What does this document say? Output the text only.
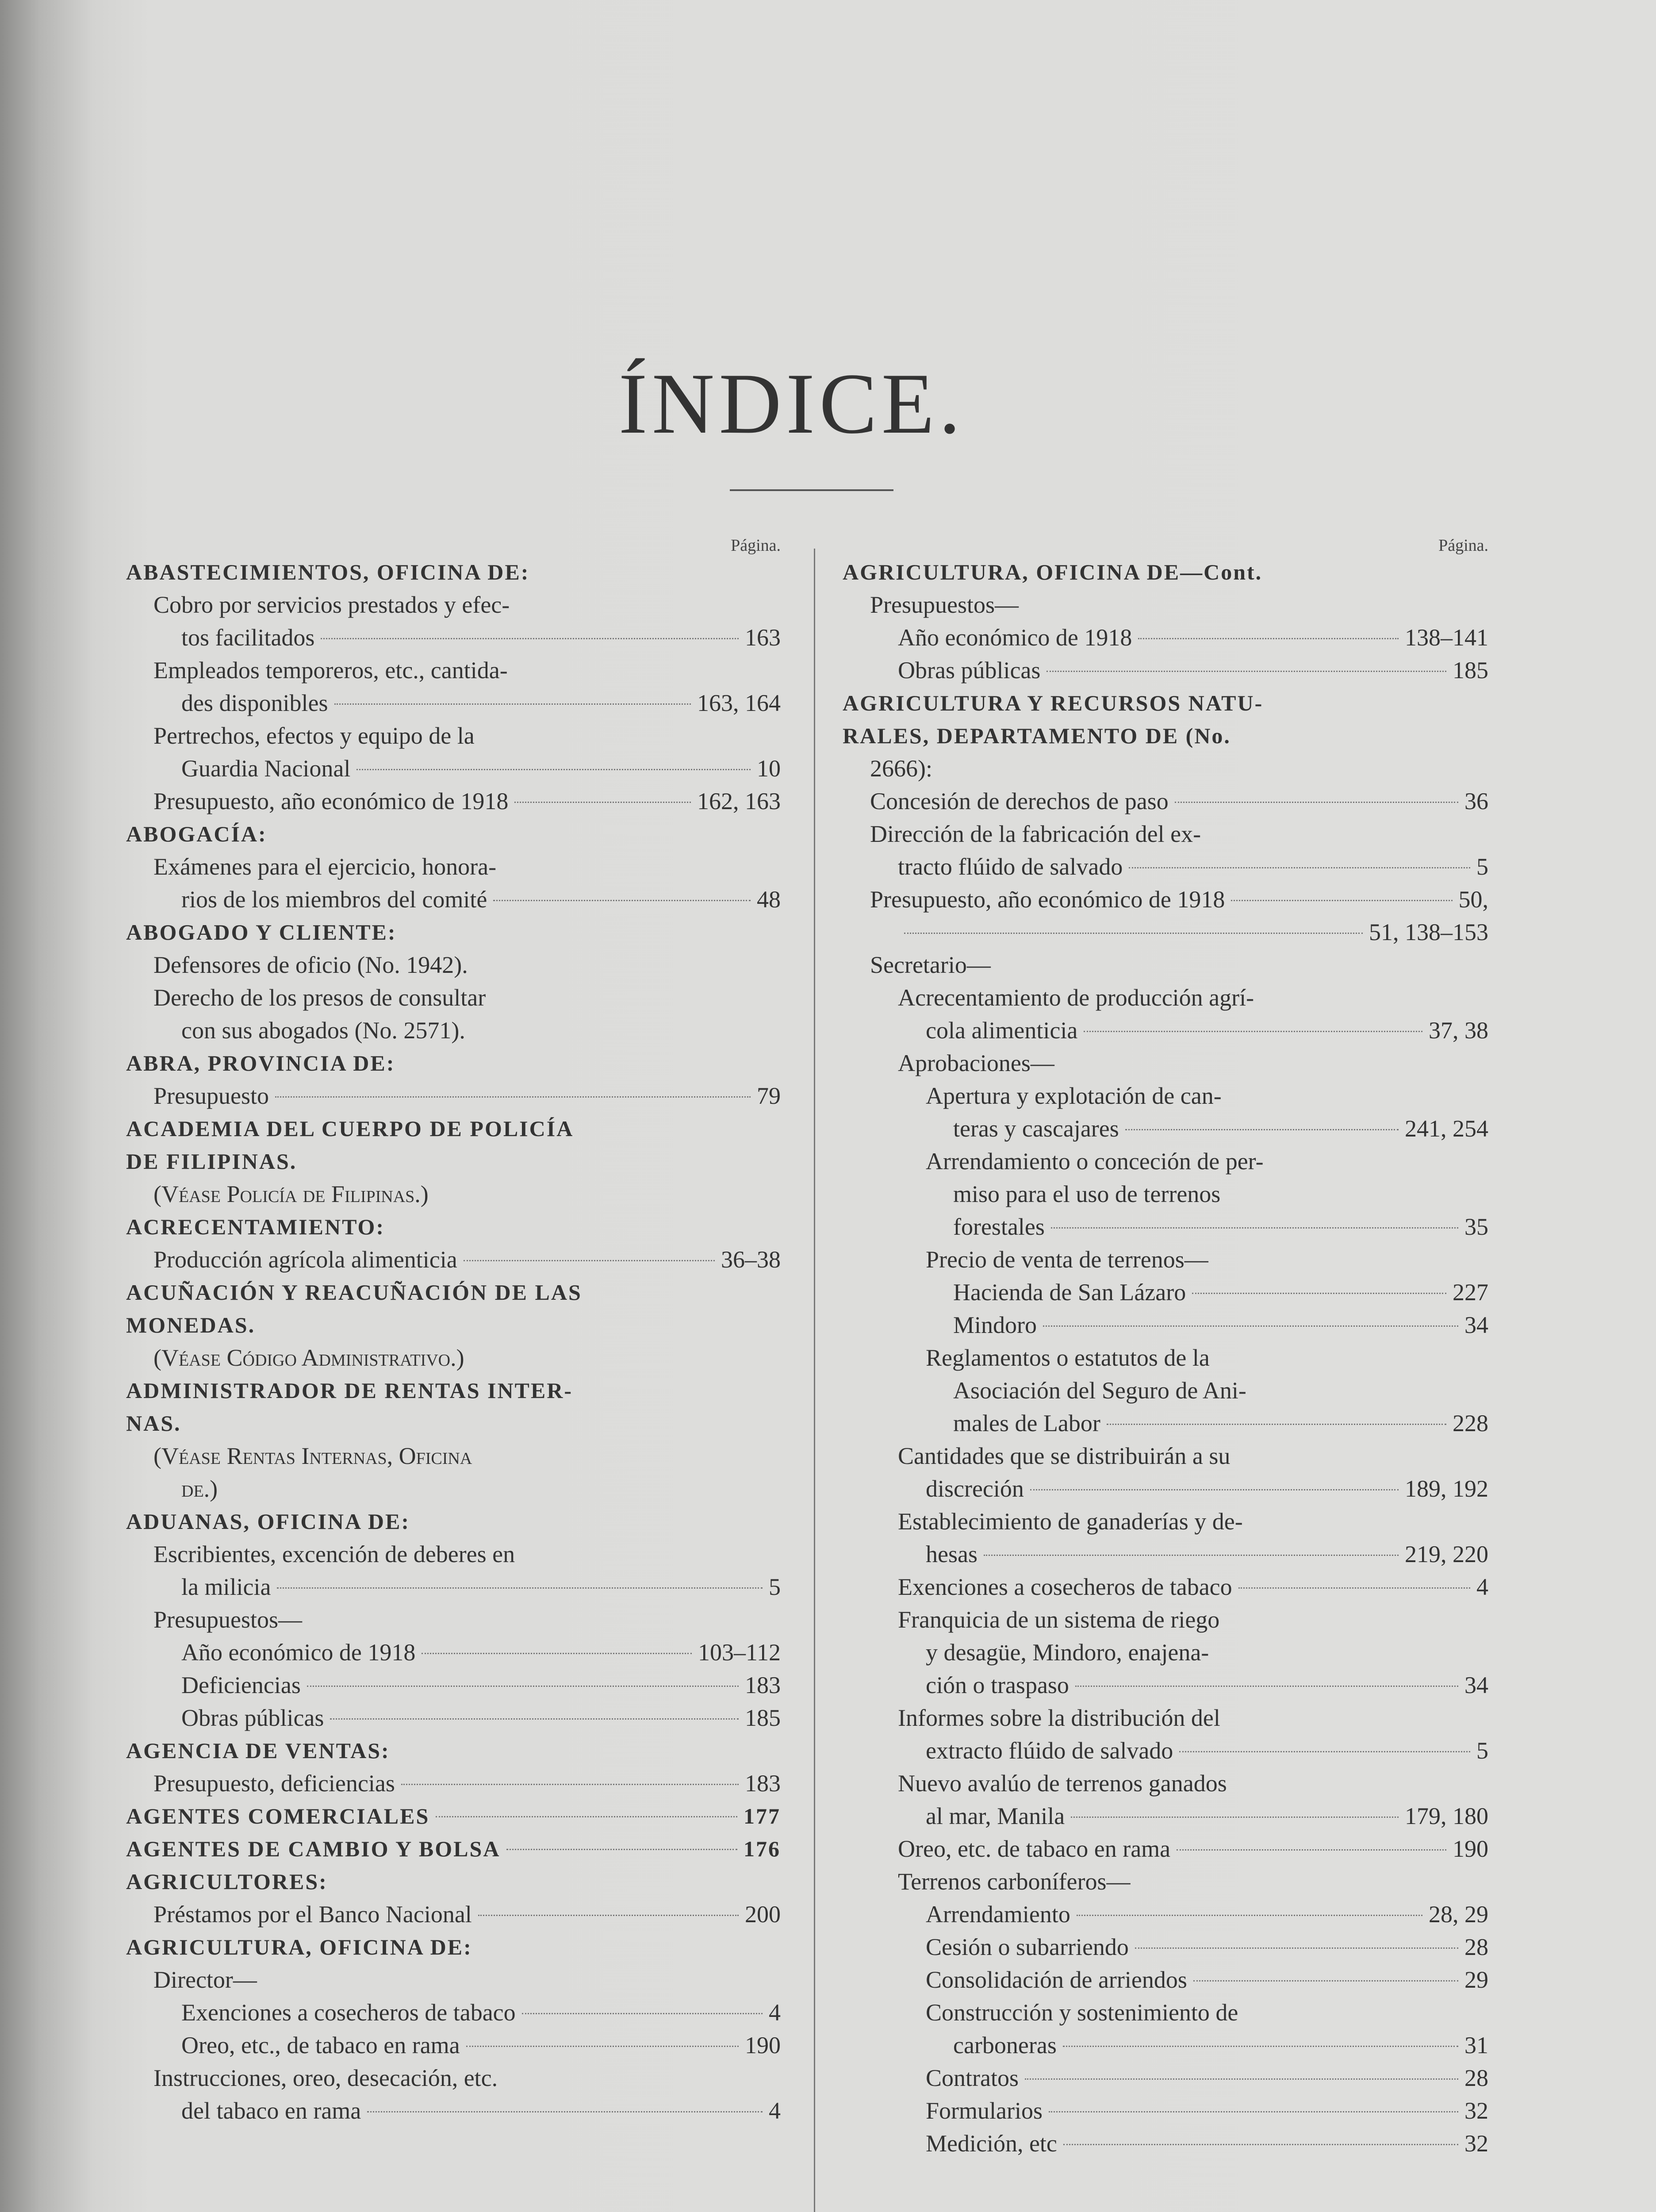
ÍNDICE.
Página.
ABASTECIMIENTOS, OFICINA DE:
Cobro por servicios prestados y efec-
tos facilitados	163
Empleados temporeros, etc., cantida-
des disponibles	163, 164
Pertrechos, efectos y equipo de la
Guardia Nacional	10
Presupuesto, año económico de 1918	162, 163
ABOGACÍA:
Exámenes para el ejercicio, honora-
rios de los miembros del comité	48
ABOGADO Y CLIENTE:
Defensores de oficio (No. 1942).
Derecho de los presos de consultar
con sus abogados (No. 2571).
ABRA, PROVINCIA DE:
Presupuesto	79
ACADEMIA DEL CUERPO DE POLICÍA
DE FILIPINAS.
(Véase Policía de Filipinas.)
ACRECENTAMIENTO:
Producción agrícola alimenticia	36–38
ACUÑACIÓN Y REACUÑACIÓN DE LAS
MONEDAS.
(Véase Código Administrativo.)
ADMINISTRADOR DE RENTAS INTER-
NAS.
(Véase Rentas Internas, Oficina
de.)
ADUANAS, OFICINA DE:
Escribientes, excención de deberes en
la milicia	5
Presupuestos—
Año económico de 1918	103–112
Deficiencias	183
Obras públicas	185
AGENCIA DE VENTAS:
Presupuesto, deficiencias	183
AGENTES COMERCIALES	177
AGENTES DE CAMBIO Y BOLSA	176
AGRICULTORES:
Préstamos por el Banco Nacional	200
AGRICULTURA, OFICINA DE:
Director—
Exenciones a cosecheros de tabaco	4
Oreo, etc., de tabaco en rama	190
Instrucciones, oreo, desecación, etc.
del tabaco en rama	4
Página.
AGRICULTURA, OFICINA DE—Cont.
Presupuestos—
Año económico de 1918	138–141
Obras públicas	185
AGRICULTURA Y RECURSOS NATU-
RALES, DEPARTAMENTO DE (No.
2666):
Concesión de derechos de paso	36
Dirección de la fabricación del ex-
tracto flúido de salvado	5
Presupuesto, año económico de 1918	50,
51, 138–153
Secretario—
Acrecentamiento de producción agrí-
cola alimenticia	37, 38
Aprobaciones—
Apertura y explotación de can-
teras y cascajares	241, 254
Arrendamiento o conceción de per-
miso para el uso de terrenos
forestales	35
Precio de venta de terrenos—
Hacienda de San Lázaro	227
Mindoro	34
Reglamentos o estatutos de la
Asociación del Seguro de Ani-
males de Labor	228
Cantidades que se distribuirán a su
discreción	189, 192
Establecimiento de ganaderías y de-
hesas	219, 220
Exenciones a cosecheros de tabaco	4
Franquicia de un sistema de riego
y desagüe, Mindoro, enajena-
ción o traspaso	34
Informes sobre la distribución del
extracto flúido de salvado	5
Nuevo avalúo de terrenos ganados
al mar, Manila	179, 180
Oreo, etc. de tabaco en rama	190
Terrenos carboníferos—
Arrendamiento	28, 29
Cesión o subarriendo	28
Consolidación de arriendos	29
Construcción y sostenimiento de
carboneras	31
Contratos	28
Formularios	32
Medición, etc	32
